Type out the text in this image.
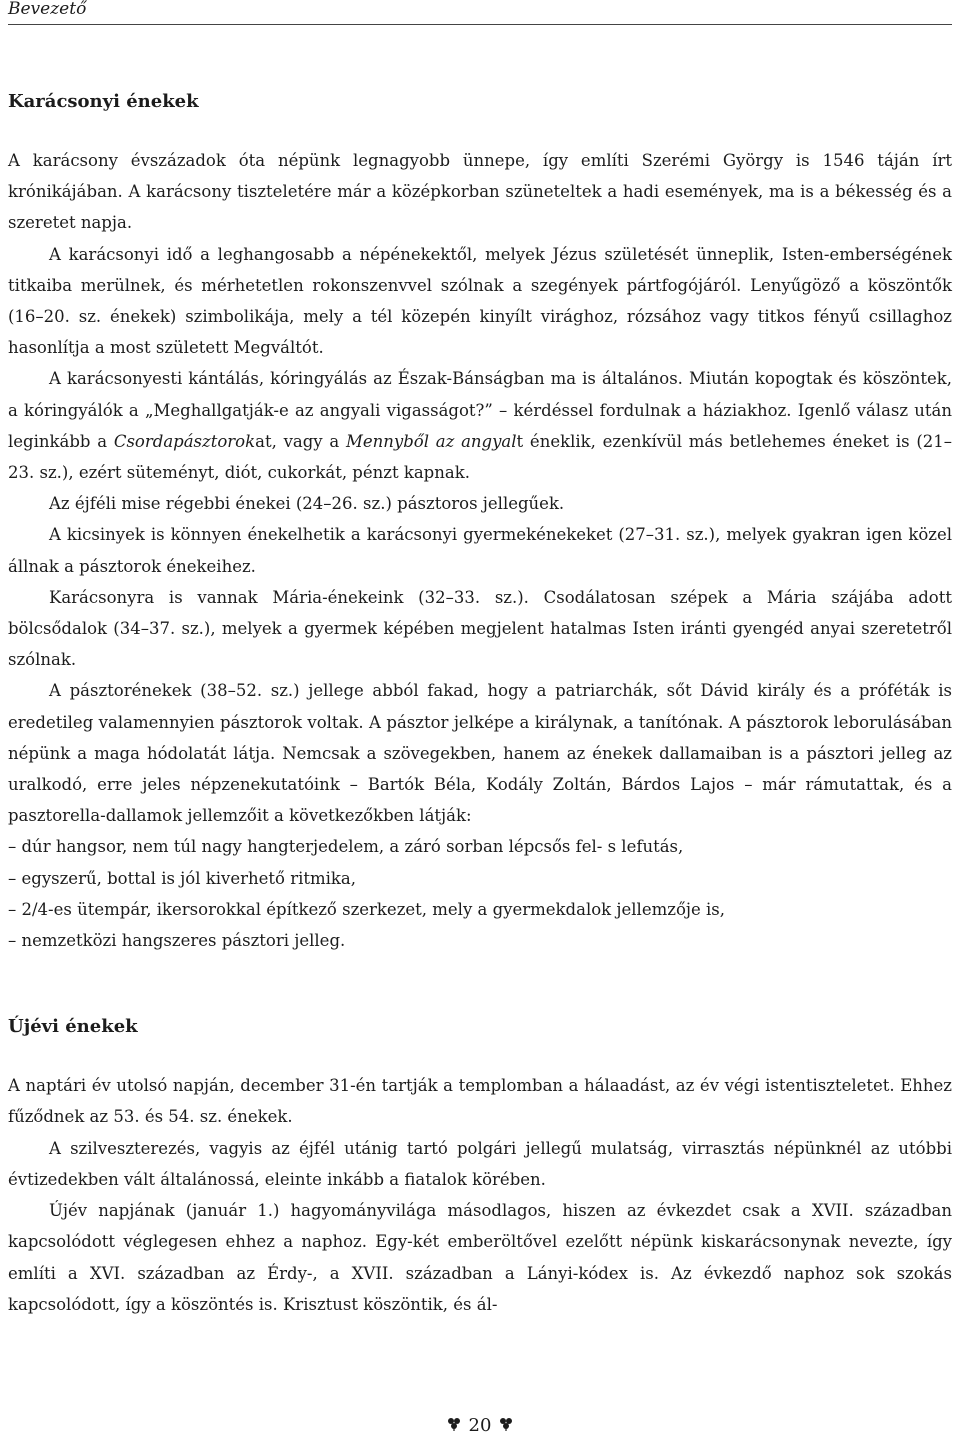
Bevezető
Karácsonyi énekek

A karácsony évszázadok óta népünk legnagyobb ünnepe, így említi Szerémi György is 1546 táján írt krónikájában. A karácsony tiszteletére már a középkorban szüneteltek a hadi események, ma is a békesség és a szeretet napja.

A karácsonyi idő a leghangosabb a népénekektől, melyek Jézus születését ünneplik, Isten-emberségének titkaiba merülnek, és mérhetetlen rokonszenvvel szólnak a szegények pártfogójáról. Lenyűgöző a köszöntők (16–20. sz. énekek) szimbolikája, mely a tél közepén kinyílt virághoz, rózsához vagy titkos fényű csillaghoz hasonlítja a most született Megváltót.

A karácsonyesti kántálás, kóringyálás az Észak-Bánságban ma is általános. Miután kopogtak és köszöntek, a kóringyálók a „Meghallgatják-e az angyali vigasságot?” – kérdéssel fordulnak a háziakhoz. Igenlő válasz után leginkább a Csordapásztorokat, vagy a Mennyből az angyalt éneklik, ezenkívül más betlehemes éneket is (21–23. sz.), ezért süteményt, diót, cukorkát, pénzt kapnak.

Az éjféli mise régebbi énekei (24–26. sz.) pásztoros jellegűek.

A kicsinyek is könnyen énekelhetik a karácsonyi gyermekénekeket (27–31. sz.), melyek gyakran igen közel állnak a pásztorok énekeihez.

Karácsonyra is vannak Mária-énekeink (32–33. sz.). Csodálatosan szépek a Mária szájába adott bölcsődalok (34–37. sz.), melyek a gyermek képében megjelent hatalmas Isten iránti gyengéd anyai szeretetről szólnak.

A pásztorénekek (38–52. sz.) jellege abból fakad, hogy a patriarchák, sőt Dávid király és a próféták is eredetileg valamennyien pásztorok voltak. A pásztor jelképe a királynak, a tanítónak. A pásztorok leborulásában népünk a maga hódolatát látja. Nemcsak a szövegekben, hanem az énekek dallamaiban is a pásztori jelleg az uralkodó, erre jeles népzenekutatóink – Bartók Béla, Kodály Zoltán, Bárdos Lajos – már rámutattak, és a pasztorella-dallamok jellemzőit a következőkben látják:

– dúr hangsor, nem túl nagy hangterjedelem, a záró sorban lépcsős fel- s lefutás,
– egyszerű, bottal is jól kiverhető ritmika,
– 2/4-es ütempár, ikersorokkal építkező szerkezet, mely a gyermekdalok jellemzője is,
– nemzetközi hangszeres pásztori jelleg.
Újévi énekek

A naptári év utolsó napján, december 31-én tartják a templomban a hálaadást, az év végi istentiszteletet. Ehhez fűződnek az 53. és 54. sz. énekek.

A szilveszterezés, vagyis az éjfél utánig tartó polgári jellegű mulatság, virrasztás népünknél az utóbbi évtizedekben vált általánossá, eleinte inkább a fiatalok körében.

Újév napjának (január 1.) hagyományvilága másodlagos, hiszen az évkezdet csak a XVII. században kapcsolódott véglegesen ehhez a naphoz. Egy-két emberöltővel ezelőtt népünk kiskarácsonynak nevezte, így említi a XVI. században az Érdy-, a XVII. században a Lányi-kódex is. Az évkezdő naphoz sok szokás kapcsolódott, így a köszöntés is. Krisztust köszöntik, és ál-

20
